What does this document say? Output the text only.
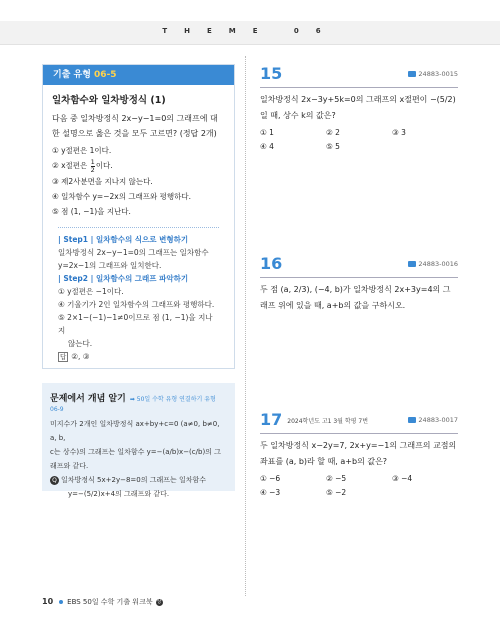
THEME 06
기출 유형 06-5
일차함수와 일차방정식 (1)
다음 중 일차방정식 2x−y−1=0의 그래프에 대한 설명으로 옳은 것을 모두 고르면? (정답 2개)
① y절편은 1이다.
② x절편은 $\frac{1}{2}$ 이다.
③ 제2사분면을 지나지 않는다.
④ 일차함수 y=−2x의 그래프와 평행하다.
⑤ 점 (1, −1)을 지난다.
| Step1 | 일차함수의 식으로 변형하기
일차방정식 2x−y−1=0의 그래프는 일차함수
y=2x−1의 그래프와 일치한다.
| Step2 | 일차함수의 그래프 파악하기
① y절편은 −1이다.
④ 기울기가 2인 일차함수의 그래프와 평행하다.
⑤ 2×1−(−1)−1≠0이므로 점 (1, −1)을 지나지
않는다.
답 ②, ③
문제에서 개념 알기 ➡ 50일 수학 유형 연결하기 유형 06-9
미지수가 2개인 일차방정식 ax+by+c=0 (a≠0, b≠0, a, b,
c는 상수)의 그래프는 일차함수 y=−(a/b)x−(c/b)의 그래프와 같다.
Q 일차방정식 5x+2y−8=0의 그래프는 일차함수
y=−(5/2)x+4의 그래프와 같다.
15	24883-0015
일차방정식 2x−3y+5k=0의 그래프의 x절편이 −(5/2)일 때, 상수 k의 값은?
① 1	② 2	③ 3
④ 4	⑤ 5
16	24883-0016
두 점 (a, 2/3), (−4, b)가 일차방정식 2x+3y=4의 그래프 위에 있을 때, a+b의 값을 구하시오.
17 2024학년도 고1 3월 학평 7번	24883-0017
두 일차방정식 x−2y=7, 2x+y=−1의 그래프의 교점의 좌표를 (a, b)라 할 때, a+b의 값은?
① −6	② −5	③ −4
④ −3	⑤ −2
10 EBS 50일 수학 기출 워크북 상
